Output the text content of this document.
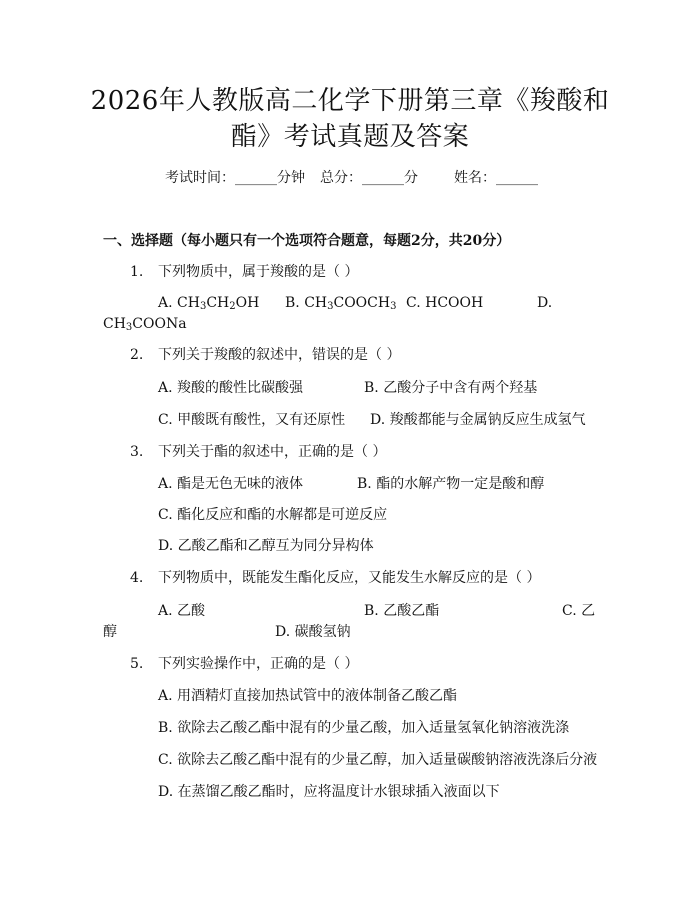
2026年人教版高二化学下册第三章《羧酸和
酯》考试真题及答案
考试时间：______分钟 总分：______分	姓名：______
一、选择题（每小题只有一个选项符合题意，每题2分，共20分）
1. 下列物质中，属于羧酸的是（ ）
A. $CH_3CH_2OH$ B. $CH_3COOCH_3$ C. HCOOH	D.
$CH_3COONa$
2. 下列关于羧酸的叙述中，错误的是（ ）
A. 羧酸的酸性比碳酸强	B. 乙酸分子中含有两个羟基
C. 甲酸既有酸性，又有还原性 D. 羧酸都能与金属钠反应生成氢气
3. 下列关于酯的叙述中，正确的是（ ）
A. 酯是无色无味的液体	B. 酯的水解产物一定是酸和醇
C. 酯化反应和酯的水解都是可逆反应
D. 乙酸乙酯和乙醇互为同分异构体
4. 下列物质中，既能发生酯化反应，又能发生水解反应的是（ ）
A. 乙酸	B. 乙酸乙酯	C. 乙
醇	D. 碳酸氢钠
5. 下列实验操作中，正确的是（ ）
A. 用酒精灯直接加热试管中的液体制备乙酸乙酯
B. 欲除去乙酸乙酯中混有的少量乙酸，加入适量氢氧化钠溶液洗涤
C. 欲除去乙酸乙酯中混有的少量乙醇，加入适量碳酸钠溶液洗涤后分液
D. 在蒸馏乙酸乙酯时，应将温度计水银球插入液面以下
